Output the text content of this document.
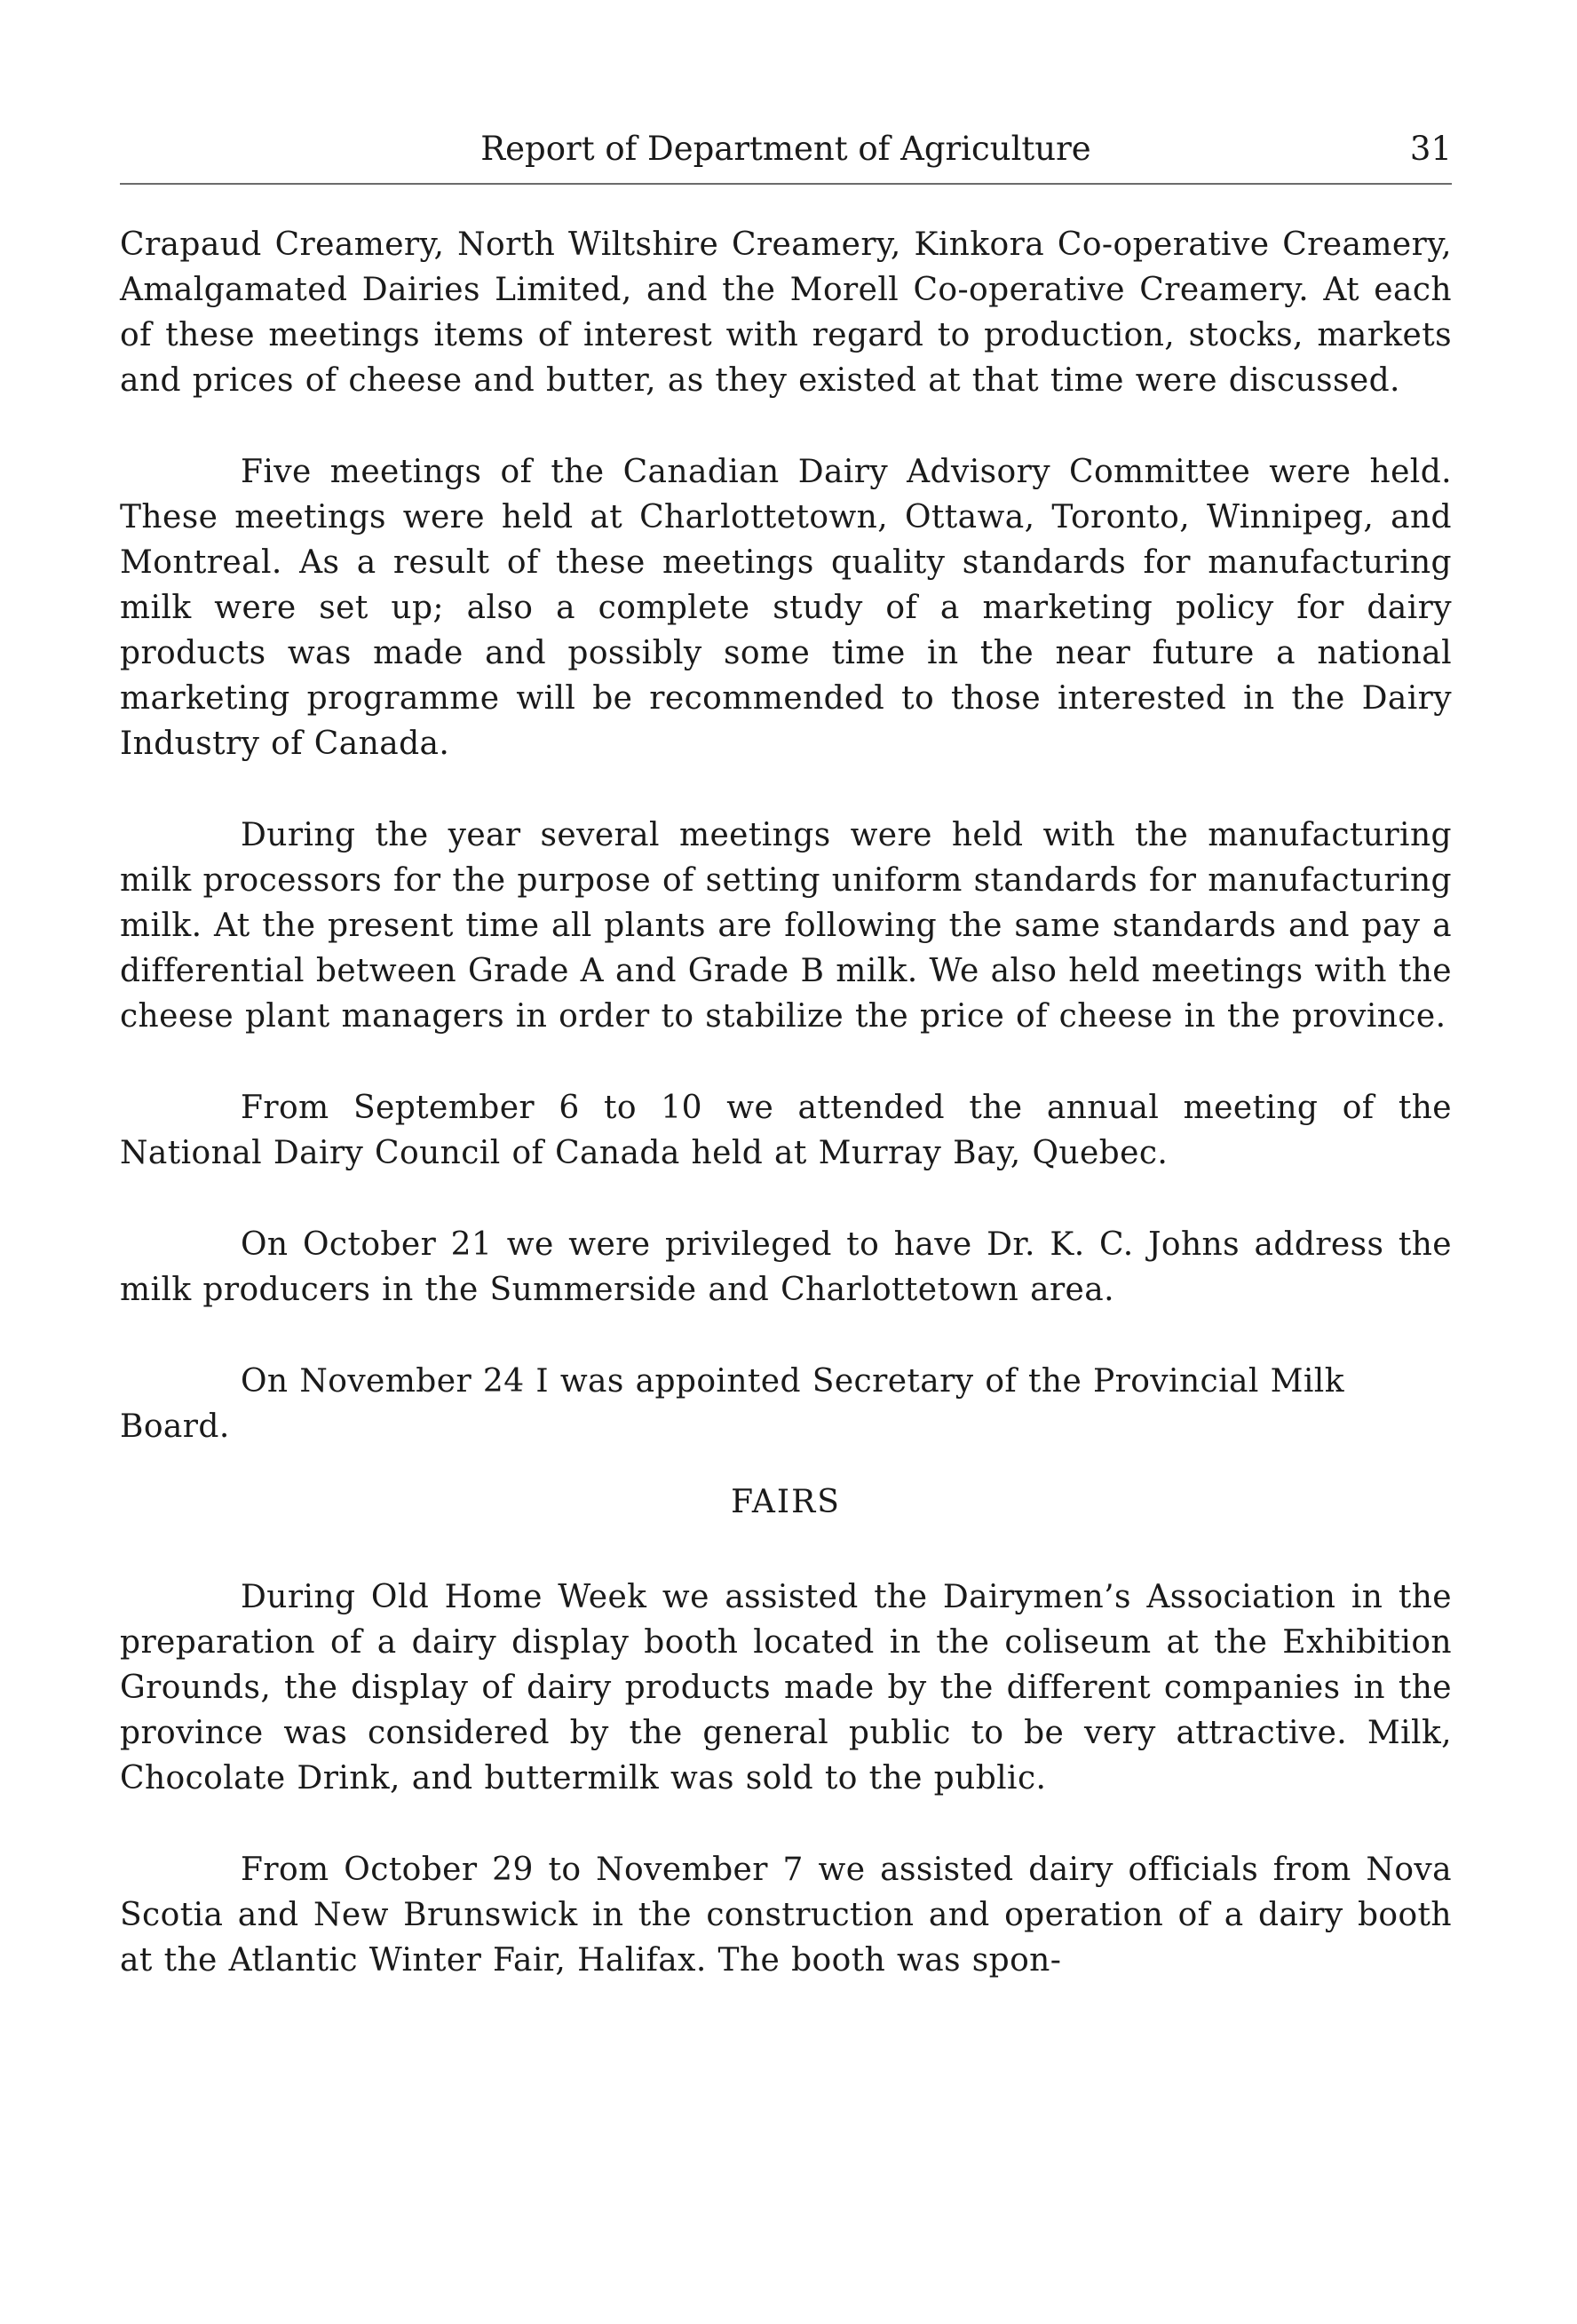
Report of Department of Agriculture	31

Crapaud Creamery, North Wiltshire Creamery, Kinkora Co-operative Creamery, Amalgamated Dairies Limited, and the Morell Co-operative Creamery. At each of these meetings items of interest with regard to production, stocks, markets and prices of cheese and butter, as they existed at that time were discussed.

Five meetings of the Canadian Dairy Advisory Committee were held. These meetings were held at Charlottetown, Ottawa, Toronto, Winnipeg, and Montreal. As a result of these meetings quality standards for manufacturing milk were set up; also a complete study of a marketing policy for dairy products was made and possibly some time in the near future a national marketing programme will be recommended to those interested in the Dairy Industry of Canada.

During the year several meetings were held with the manufacturing milk processors for the purpose of setting uniform standards for manufacturing milk. At the present time all plants are following the same standards and pay a differential between Grade A and Grade B milk. We also held meetings with the cheese plant managers in order to stabilize the price of cheese in the province.

From September 6 to 10 we attended the annual meeting of the National Dairy Council of Canada held at Murray Bay, Quebec.

On October 21 we were privileged to have Dr. K. C. Johns address the milk producers in the Summerside and Charlottetown area.

On November 24 I was appointed Secretary of the Provincial Milk
Board.

FAIRS

During Old Home Week we assisted the Dairymen’s Association in the preparation of a dairy display booth located in the coliseum at the Exhibition Grounds, the display of dairy products made by the different companies in the province was considered by the general public to be very attractive. Milk, Chocolate Drink, and buttermilk was sold to the public.

From October 29 to November 7 we assisted dairy officials from Nova Scotia and New Brunswick in the construction and operation of a dairy booth at the Atlantic Winter Fair, Halifax. The booth was spon-
